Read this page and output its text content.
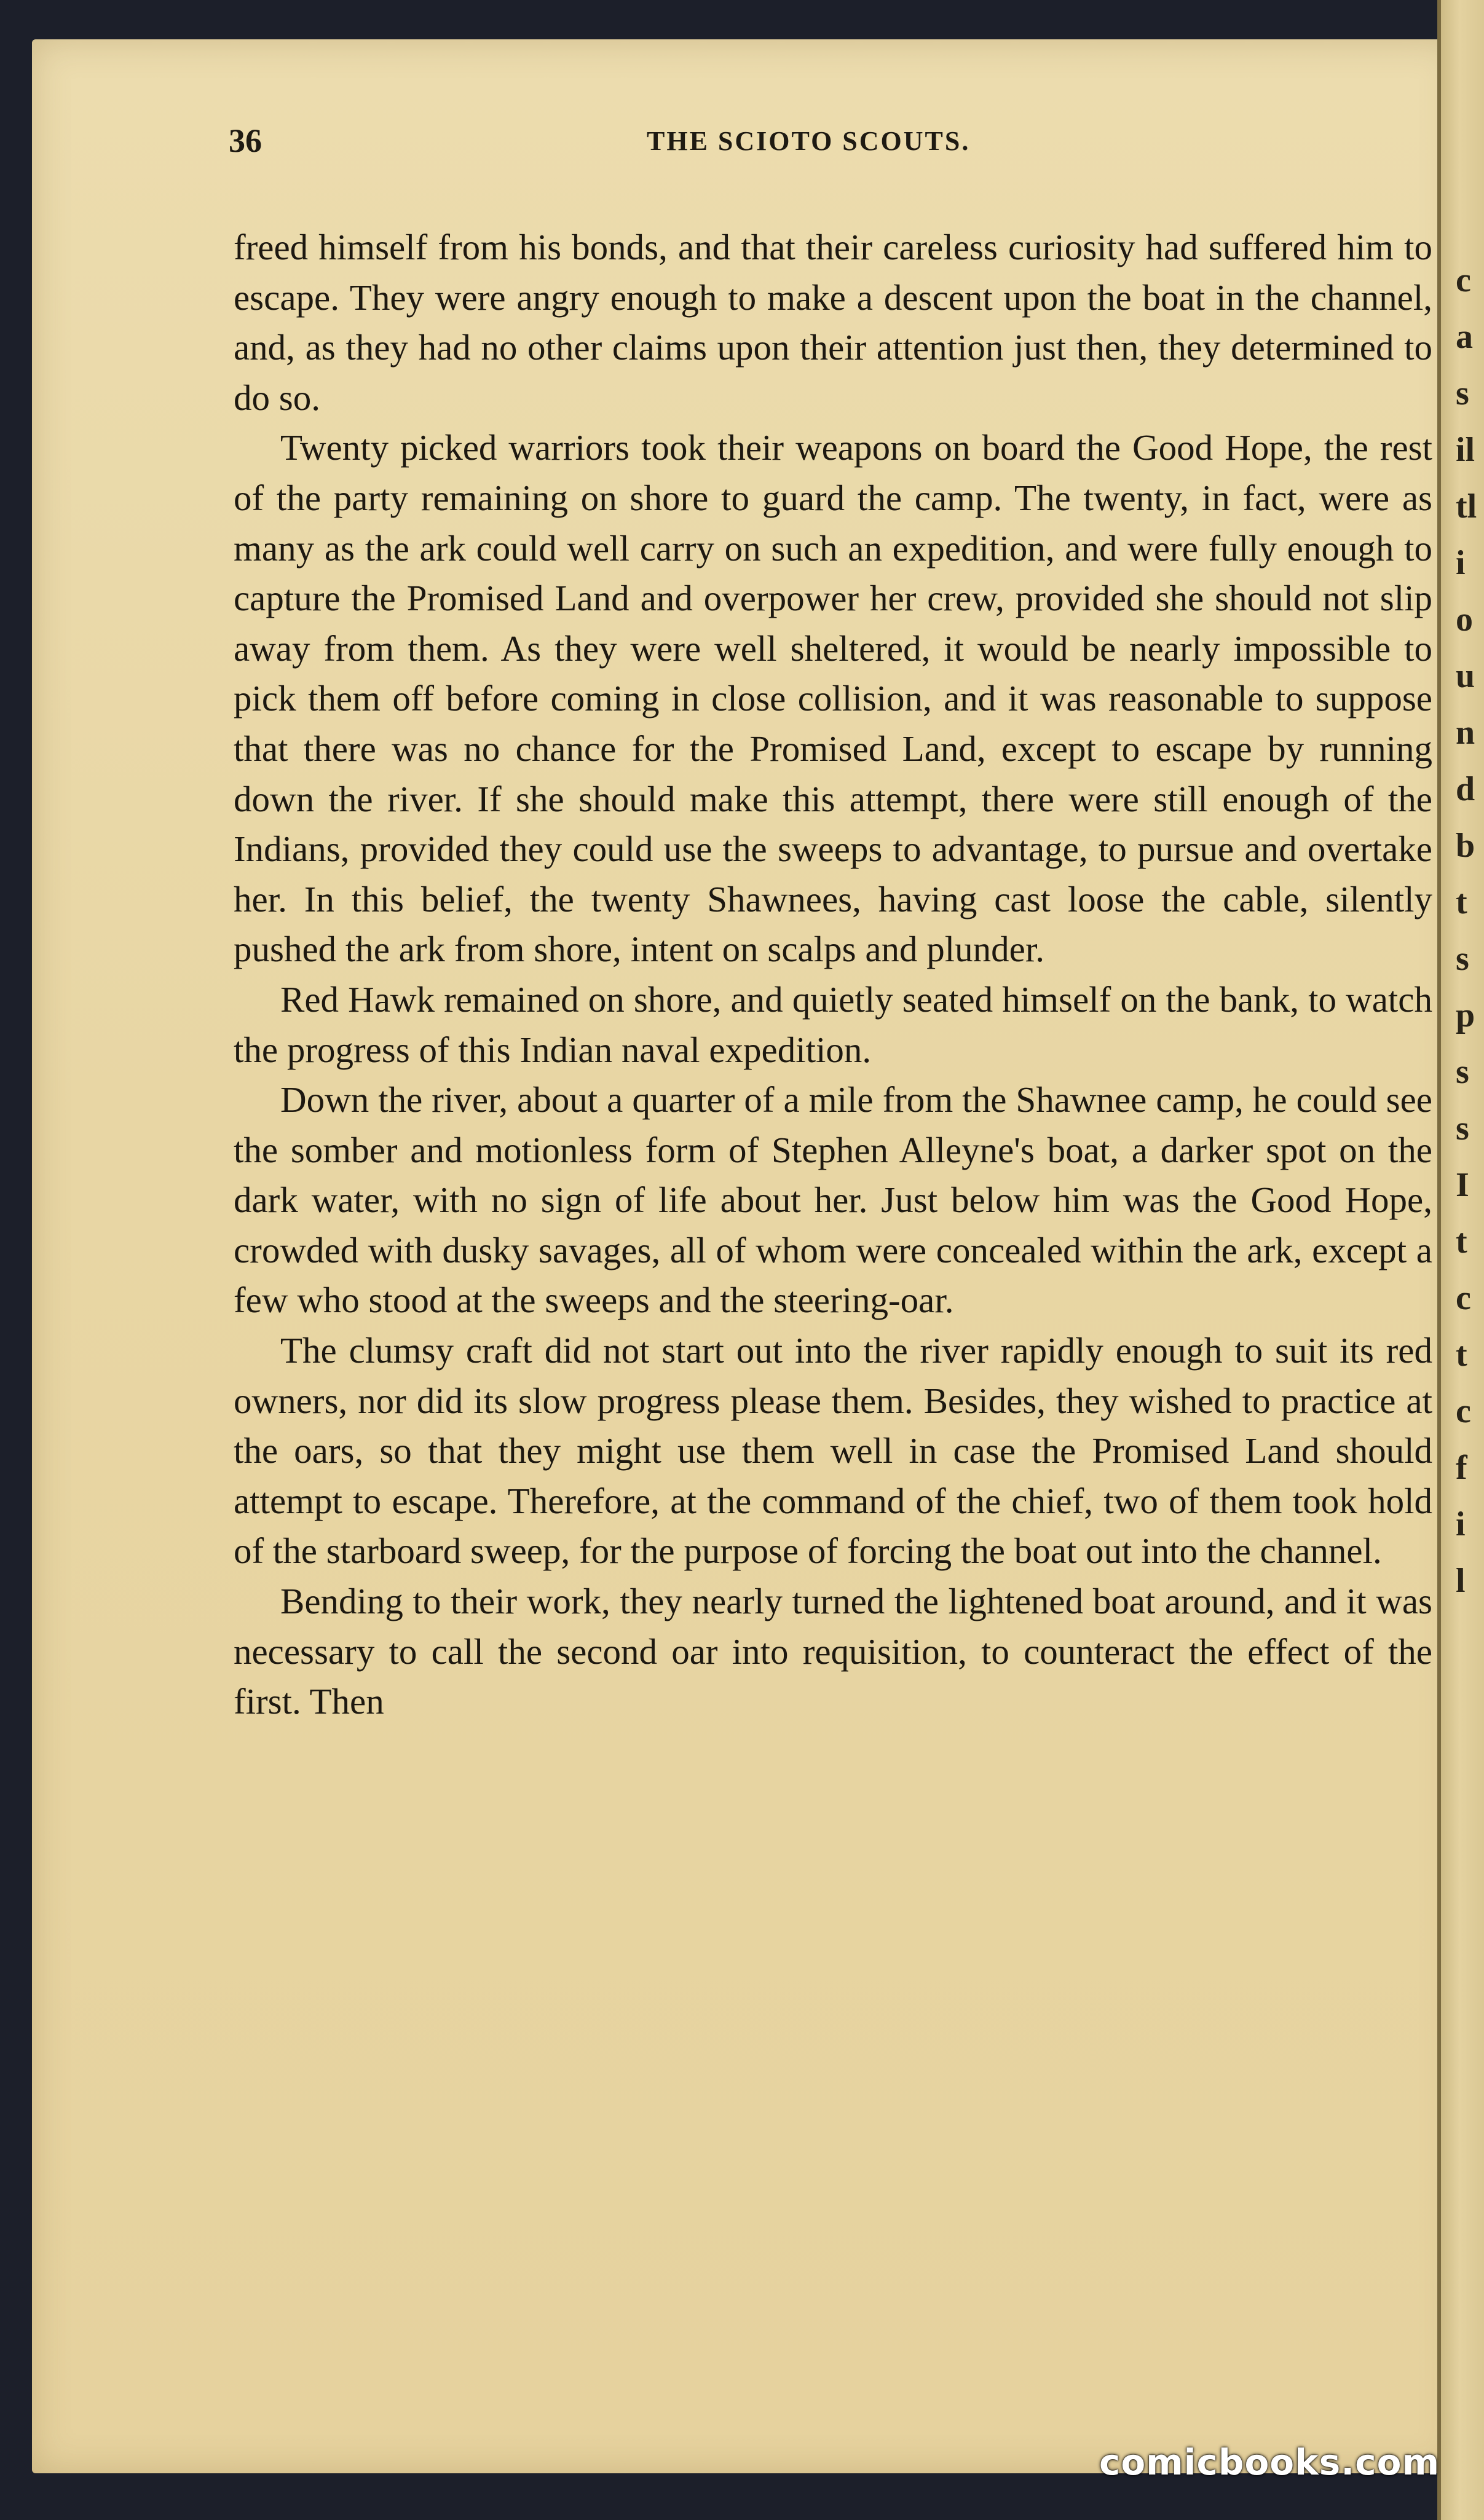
c
a
s
il
tl
i
o
u
n
d
b
t
s
p
s
s
I
t
c
t
c
f
i
l
36	THE SCIOTO SCOUTS.

freed himself from his bonds, and that their careless curiosity had suffered him to escape. They were angry enough to make a descent upon the boat in the channel, and, as they had no other claims upon their attention just then, they determined to do so.

Twenty picked warriors took their weapons on board the Good Hope, the rest of the party remaining on shore to guard the camp. The twenty, in fact, were as many as the ark could well carry on such an expedition, and were fully enough to capture the Promised Land and overpower her crew, provided she should not slip away from them. As they were well sheltered, it would be nearly impossible to pick them off before coming in close collision, and it was reasonable to suppose that there was no chance for the Promised Land, except to escape by running down the river. If she should make this attempt, there were still enough of the Indians, provided they could use the sweeps to advantage, to pursue and overtake her. In this belief, the twenty Shawnees, having cast loose the cable, silently pushed the ark from shore, intent on scalps and plunder.

Red Hawk remained on shore, and quietly seated himself on the bank, to watch the progress of this Indian naval expedition.

Down the river, about a quarter of a mile from the Shawnee camp, he could see the somber and motionless form of Stephen Alleyne's boat, a darker spot on the dark water, with no sign of life about her. Just below him was the Good Hope, crowded with dusky savages, all of whom were concealed within the ark, except a few who stood at the sweeps and the steering-oar.

The clumsy craft did not start out into the river rapidly enough to suit its red owners, nor did its slow progress please them. Besides, they wished to practice at the oars, so that they might use them well in case the Promised Land should attempt to escape. Therefore, at the command of the chief, two of them took hold of the starboard sweep, for the purpose of forcing the boat out into the channel.

Bending to their work, they nearly turned the lightened boat around, and it was necessary to call the second oar into requisition, to counteract the effect of the first. Then

comicbooks.com
